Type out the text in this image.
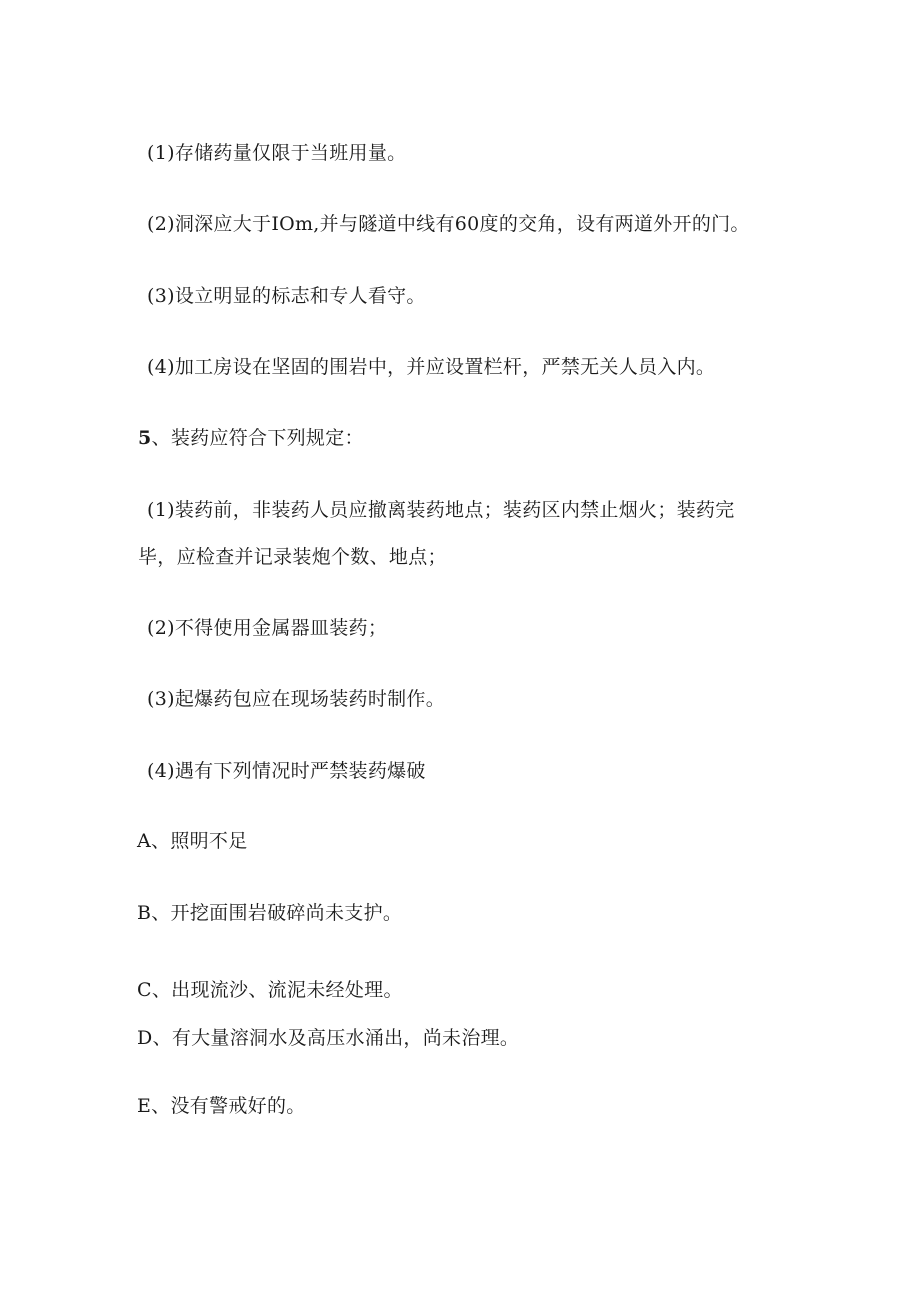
(1)存储药量仅限于当班用量。
(2)洞深应大于IOm,并与隧道中线有60度的交角，设有两道外开的门。
(3)设立明显的标志和专人看守。
(4)加工房设在坚固的围岩中，并应设置栏杆，严禁无关人员入内。
5、装药应符合下列规定：
(1)装药前，非装药人员应撤离装药地点；装药区内禁止烟火；装药完
毕，应检查并记录装炮个数、地点；
(2)不得使用金属器皿装药；
(3)起爆药包应在现场装药时制作。
(4)遇有下列情况时严禁装药爆破
A、照明不足
B、开挖面围岩破碎尚未支护。
C、出现流沙、流泥未经处理。
D、有大量溶洞水及高压水涌出，尚未治理。
E、没有警戒好的。
